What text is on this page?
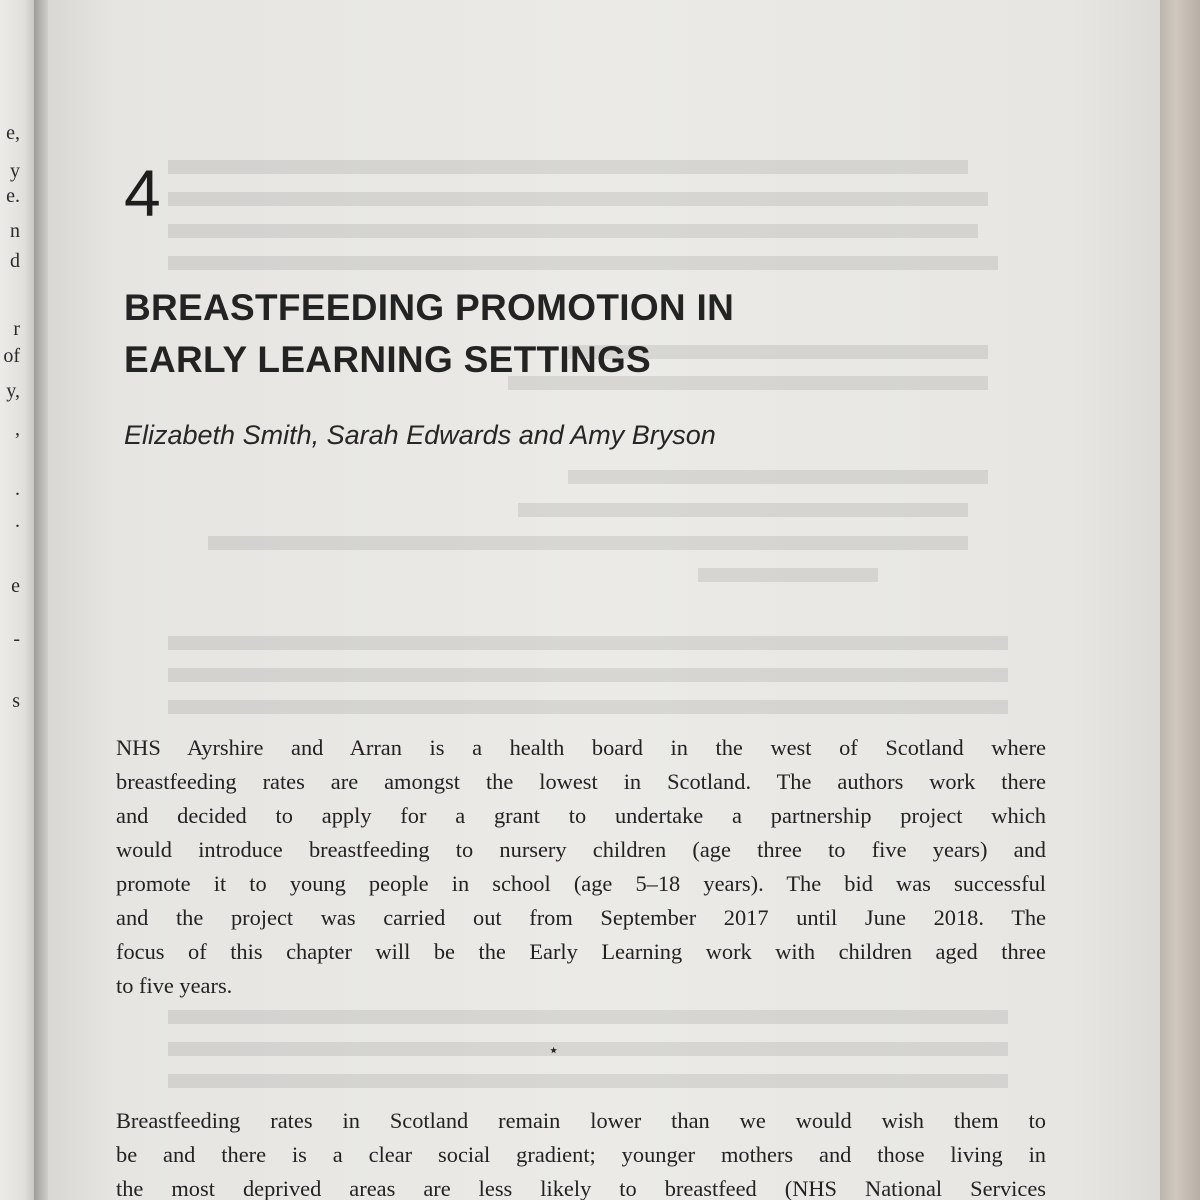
e,
y
e.
n
d
r
of
y,
,
.
.
e
-
s
4
BREASTFEEDING PROMOTION IN
EARLY LEARNING SETTINGS
Elizabeth Smith, Sarah Edwards and Amy Bryson
NHS Ayrshire and Arran is a health board in the west of Scotland where
breastfeeding rates are amongst the lowest in Scotland. The authors work there
and decided to apply for a grant to undertake a partnership project which
would introduce breastfeeding to nursery children (age three to five years) and
promote it to young people in school (age 5–18 years). The bid was successful
and the project was carried out from September 2017 until June 2018. The
focus of this chapter will be the Early Learning work with children aged three
to five years.
⋆
Breastfeeding rates in Scotland remain lower than we would wish them to
be and there is a clear social gradient; younger mothers and those living in
the most deprived areas are less likely to breastfeed (NHS National Services
